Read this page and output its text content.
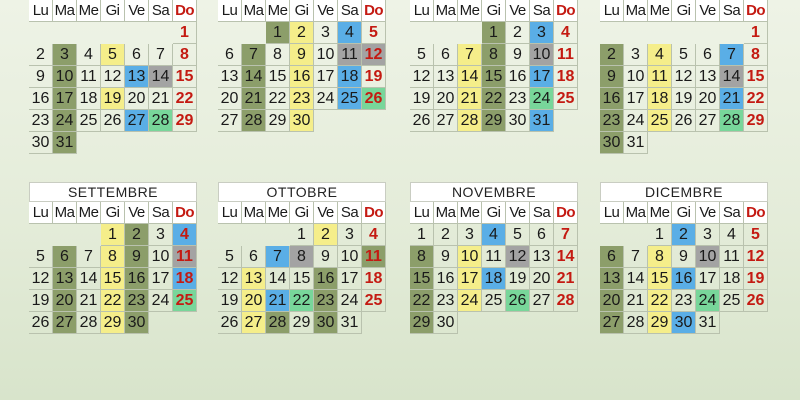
Lu Ma Me Gi Ve Sa Do
1
2 3 4 5 6 7 8
9 10 11 12 13 14 15
16 17 18 19 20 21 22
23 24 25 26 27 28 29
30 31
Lu Ma Me Gi Ve Sa Do
1 2 3 4 5
6 7 8 9 10 11 12
13 14 15 16 17 18 19
20 21 22 23 24 25 26
27 28 29 30
Lu Ma Me Gi Ve Sa Do
1 2 3 4
5 6 7 8 9 10 11
12 13 14 15 16 17 18
19 20 21 22 23 24 25
26 27 28 29 30 31
Lu Ma Me Gi Ve Sa Do
1
2 3 4 5 6 7 8
9 10 11 12 13 14 15
16 17 18 19 20 21 22
23 24 25 26 27 28 29
30 31
SETTEMBRE
Lu Ma Me Gi Ve Sa Do
1 2 3 4
5 6 7 8 9 10 11
12 13 14 15 16 17 18
19 20 21 22 23 24 25
26 27 28 29 30
OTTOBRE
Lu Ma Me Gi Ve Sa Do
1 2 3 4
5 6 7 8 9 10 11
12 13 14 15 16 17 18
19 20 21 22 23 24 25
26 27 28 29 30 31
NOVEMBRE
Lu Ma Me Gi Ve Sa Do
1 2 3 4 5 6 7
8 9 10 11 12 13 14
15 16 17 18 19 20 21
22 23 24 25 26 27 28
29 30
DICEMBRE
Lu Ma Me Gi Ve Sa Do
1 2 3 4 5
6 7 8 9 10 11 12
13 14 15 16 17 18 19
20 21 22 23 24 25 26
27 28 29 30 31
